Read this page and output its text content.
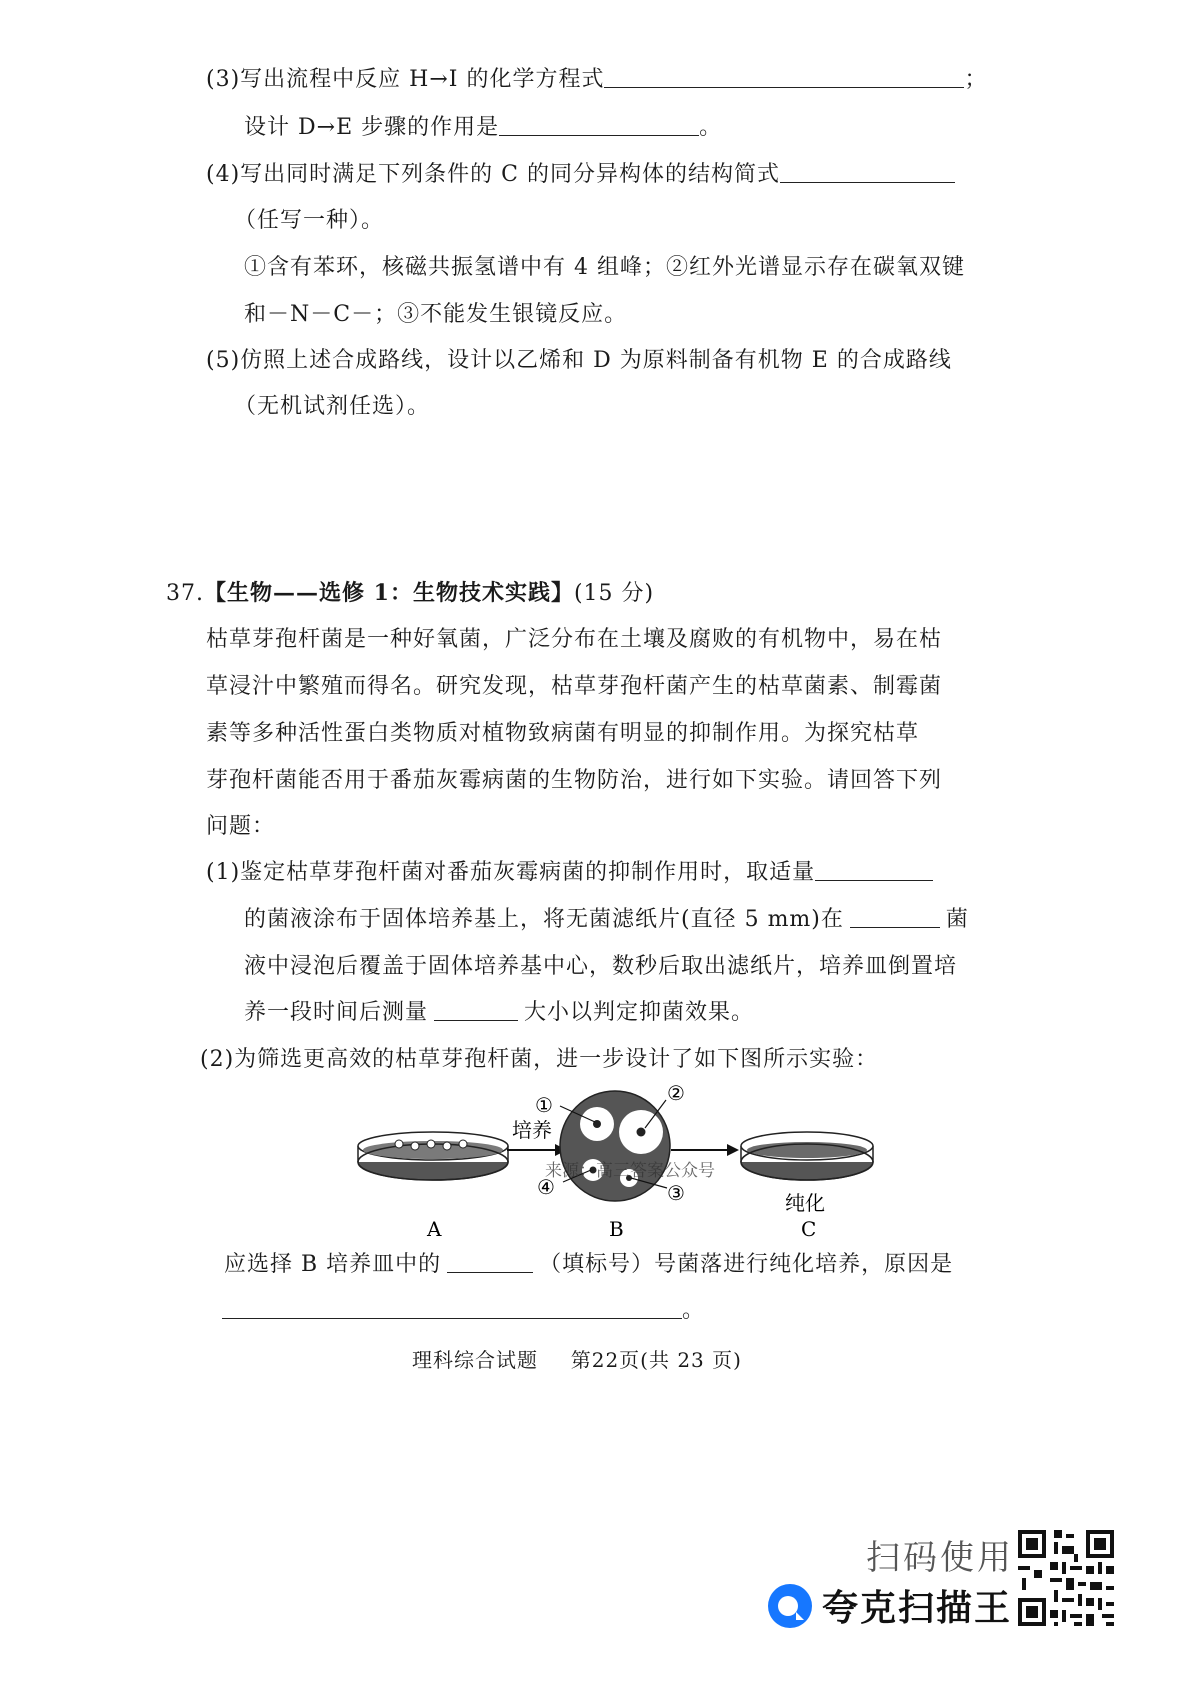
(3)写出流程中反应 H→I 的化学方程式	；
设计 D→E 步骤的作用是	。
(4)写出同时满足下列条件的 C 的同分异构体的结构简式
（任写一种）。
①含有苯环，核磁共振氢谱中有 4 组峰；②红外光谱显示存在碳氧双键
和－N－C－；③不能发生银镜反应。
(5)仿照上述合成路线，设计以乙烯和 D 为原料制备有机物 E 的合成路线
（无机试剂任选）。
37.【生物——选修 1：生物技术实践】(15 分)
枯草芽孢杆菌是一种好氧菌，广泛分布在土壤及腐败的有机物中，易在枯
草浸汁中繁殖而得名。研究发现，枯草芽孢杆菌产生的枯草菌素、制霉菌
素等多种活性蛋白类物质对植物致病菌有明显的抑制作用。为探究枯草
芽孢杆菌能否用于番茄灰霉病菌的生物防治，进行如下实验。请回答下列
问题：
(1)鉴定枯草芽孢杆菌对番茄灰霉病菌的抑制作用时，取适量
的菌液涂布于固体培养基上，将无菌滤纸片(直径 5 mm)在	菌
液中浸泡后覆盖于固体培养基中心，数秒后取出滤纸片，培养皿倒置培
养一段时间后测量	大小以判定抑菌效果。
(2)为筛选更高效的枯草芽孢杆菌，进一步设计了如下图所示实验：
培养
①	②
③
④
来源：高三答案公众号
纯化
A	B	C
应选择 B 培养皿中的	（填标号）号菌落进行纯化培养，原因是
。
理科综合试题 第22页(共 23 页)
扫码使用
夸克扫描王
